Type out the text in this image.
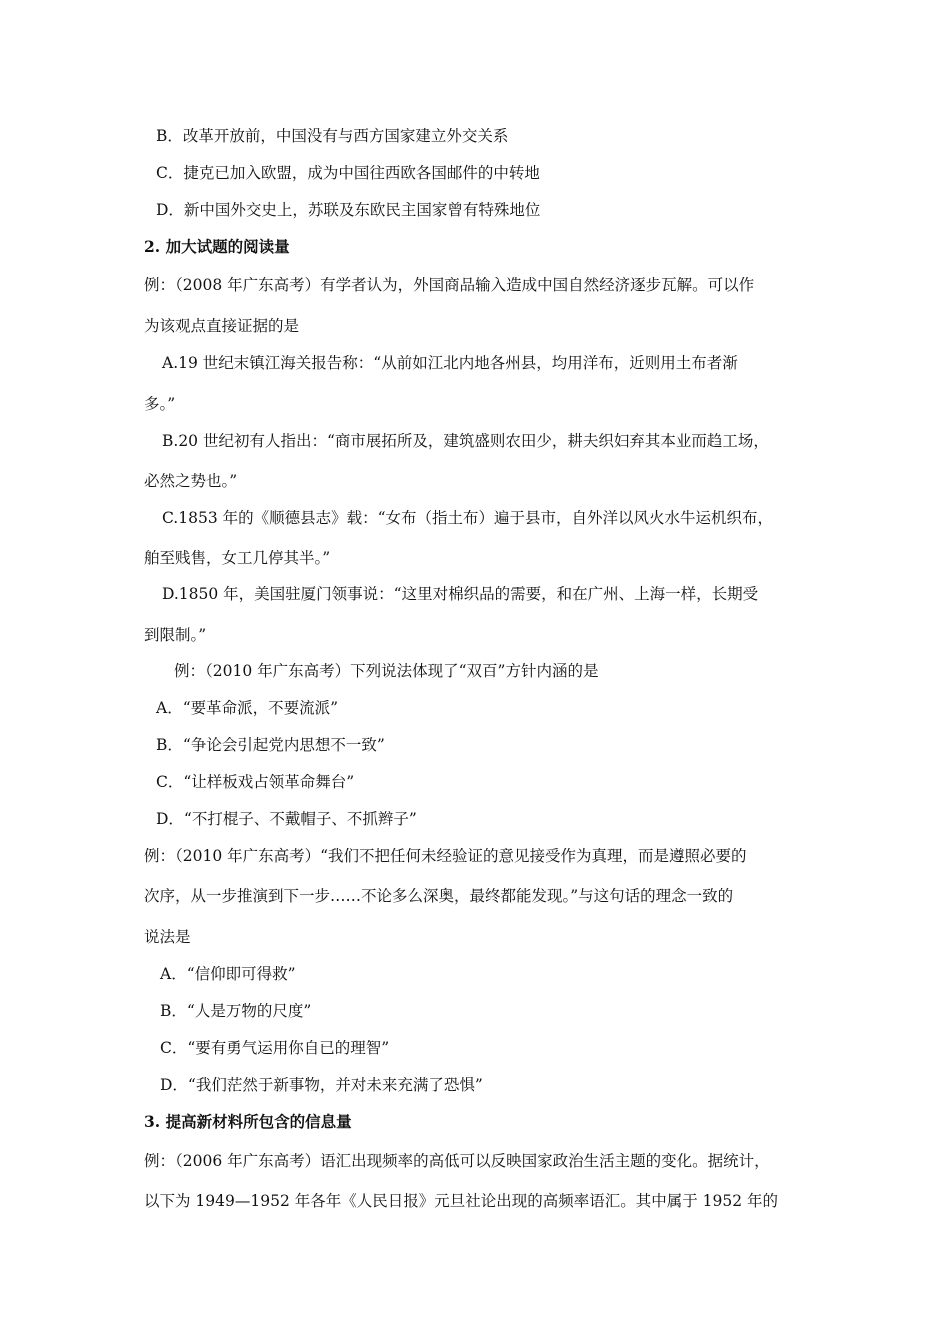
B．改革开放前，中国没有与西方国家建立外交关系
C．捷克已加入欧盟，成为中国往西欧各国邮件的中转地
D．新中国外交史上，苏联及东欧民主国家曾有特殊地位
2. 加大试题的阅读量
例：（2008 年广东高考）有学者认为，外国商品输入造成中国自然经济逐步瓦解。可以作
为该观点直接证据的是
A.19 世纪末镇江海关报告称：“从前如江北内地各州县，均用洋布，近则用土布者渐
多。”
B.20 世纪初有人指出：“商市展拓所及，建筑盛则农田少，耕夫织妇弃其本业而趋工场，
必然之势也。”
C.1853 年的《顺德县志》载：“女布（指土布）遍于县市，自外洋以风火水牛运机织布，
舶至贱售，女工几停其半。”
D.1850 年，美国驻厦门领事说：“这里对棉织品的需要，和在广州、上海一样，长期受
到限制。”
例：（2010 年广东高考）下列说法体现了“双百”方针内涵的是
A．“要革命派，不要流派”
B．“争论会引起党内思想不一致”
C．“让样板戏占领革命舞台”
D．“不打棍子、不戴帽子、不抓辫子”
例：（2010 年广东高考）“我们不把任何未经验证的意见接受作为真理，而是遵照必要的
次序，从一步推演到下一步……不论多么深奥，最终都能发现。”与这句话的理念一致的
说法是
A．“信仰即可得救”
B．“人是万物的尺度”
C．“要有勇气运用你自已的理智”
D．“我们茫然于新事物，并对未来充满了恐惧”
3. 提高新材料所包含的信息量
例：（2006 年广东高考）语汇出现频率的高低可以反映国家政治生活主题的变化。据统计，
以下为 1949—1952 年各年《人民日报》元旦社论出现的高频率语汇。其中属于 1952 年的
